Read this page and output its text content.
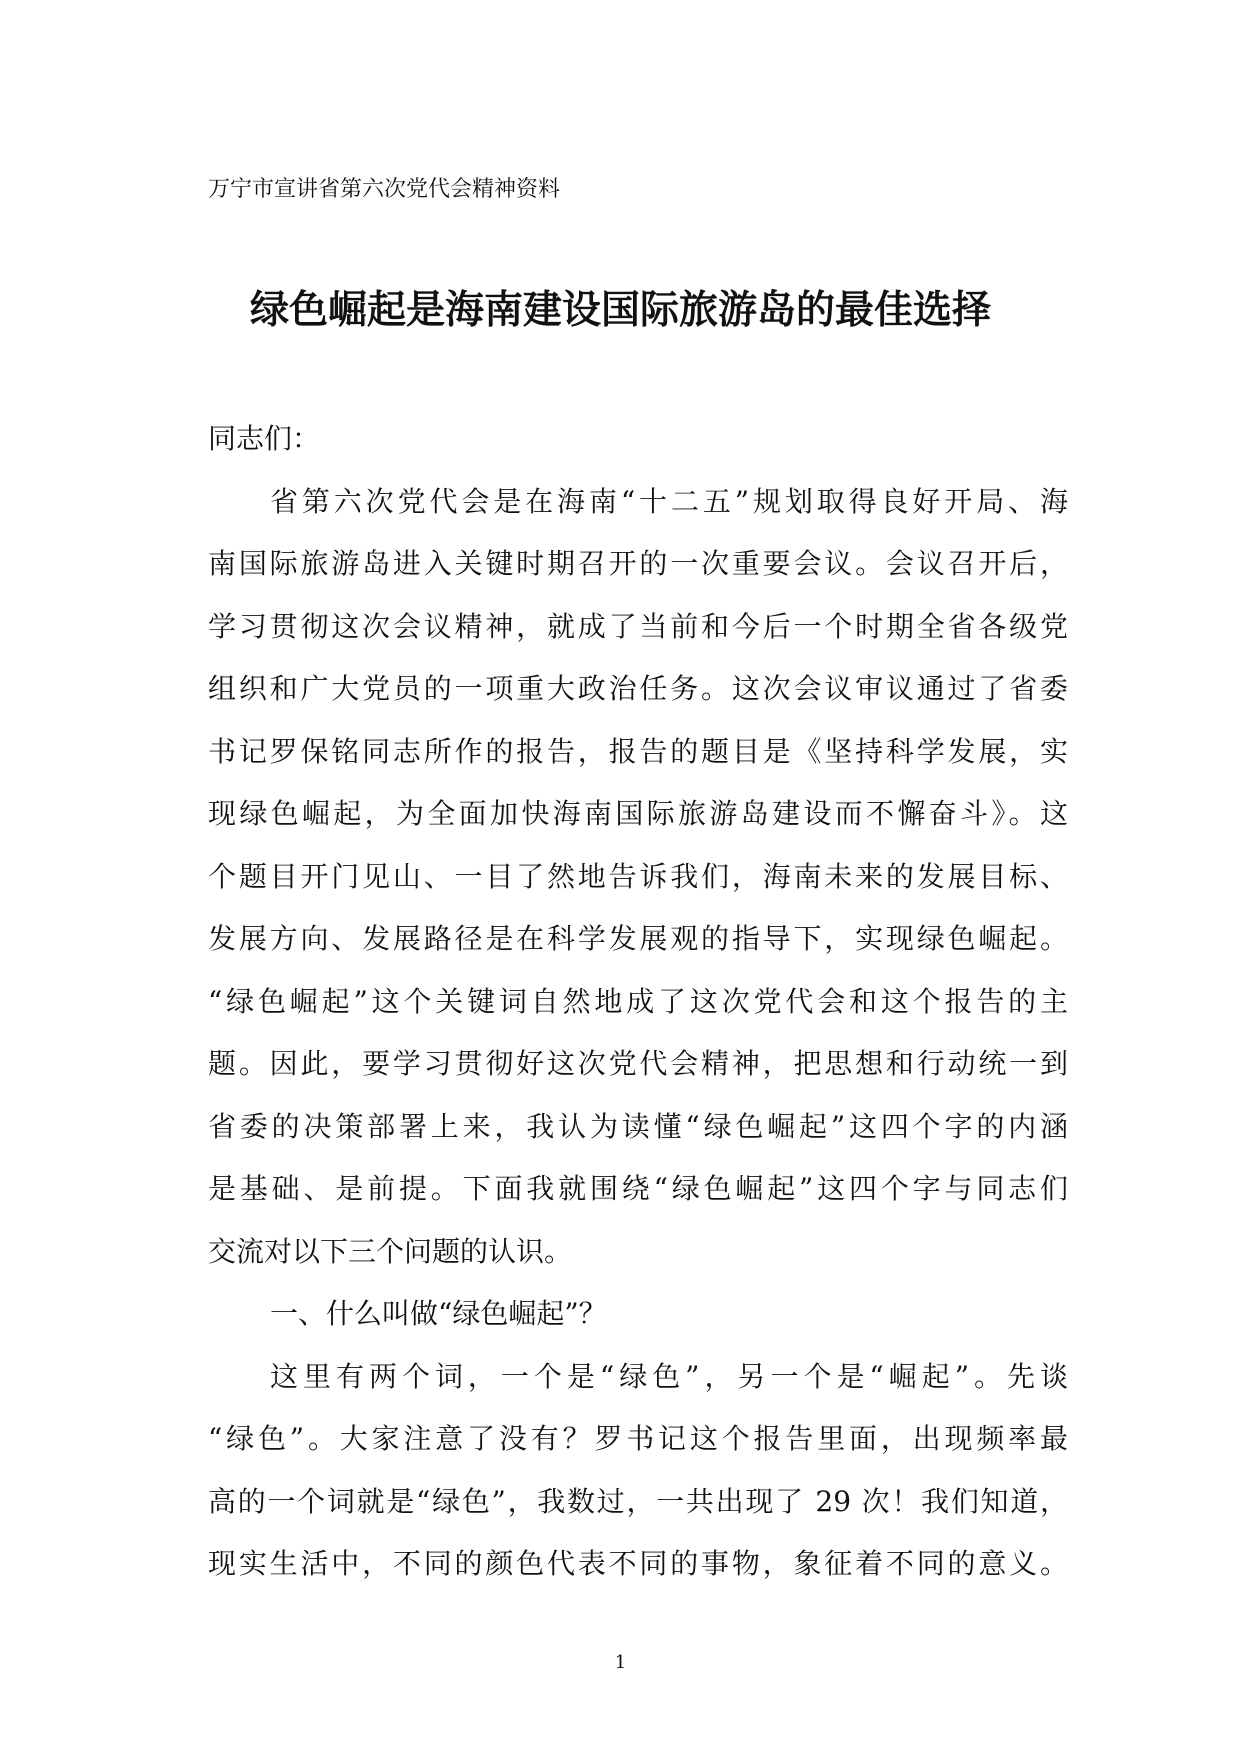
万宁市宣讲省第六次党代会精神资料
绿色崛起是海南建设国际旅游岛的最佳选择
同志们：
省第六次党代会是在海南“十二五”规划取得良好开局、海
南国际旅游岛进入关键时期召开的一次重要会议。会议召开后，
学习贯彻这次会议精神，就成了当前和今后一个时期全省各级党
组织和广大党员的一项重大政治任务。这次会议审议通过了省委
书记罗保铭同志所作的报告，报告的题目是《坚持科学发展，实
现绿色崛起，为全面加快海南国际旅游岛建设而不懈奋斗》。这
个题目开门见山、一目了然地告诉我们，海南未来的发展目标、
发展方向、发展路径是在科学发展观的指导下，实现绿色崛起。
“绿色崛起”这个关键词自然地成了这次党代会和这个报告的主
题。因此，要学习贯彻好这次党代会精神，把思想和行动统一到
省委的决策部署上来，我认为读懂“绿色崛起”这四个字的内涵
是基础、是前提。下面我就围绕“绿色崛起”这四个字与同志们
交流对以下三个问题的认识。
一、什么叫做“绿色崛起”？
这里有两个词，一个是“绿色”，另一个是“崛起”。先谈
“绿色”。大家注意了没有？罗书记这个报告里面，出现频率最
高的一个词就是“绿色”，我数过，一共出现了 29 次！我们知道，
现实生活中，不同的颜色代表不同的事物，象征着不同的意义。
1
